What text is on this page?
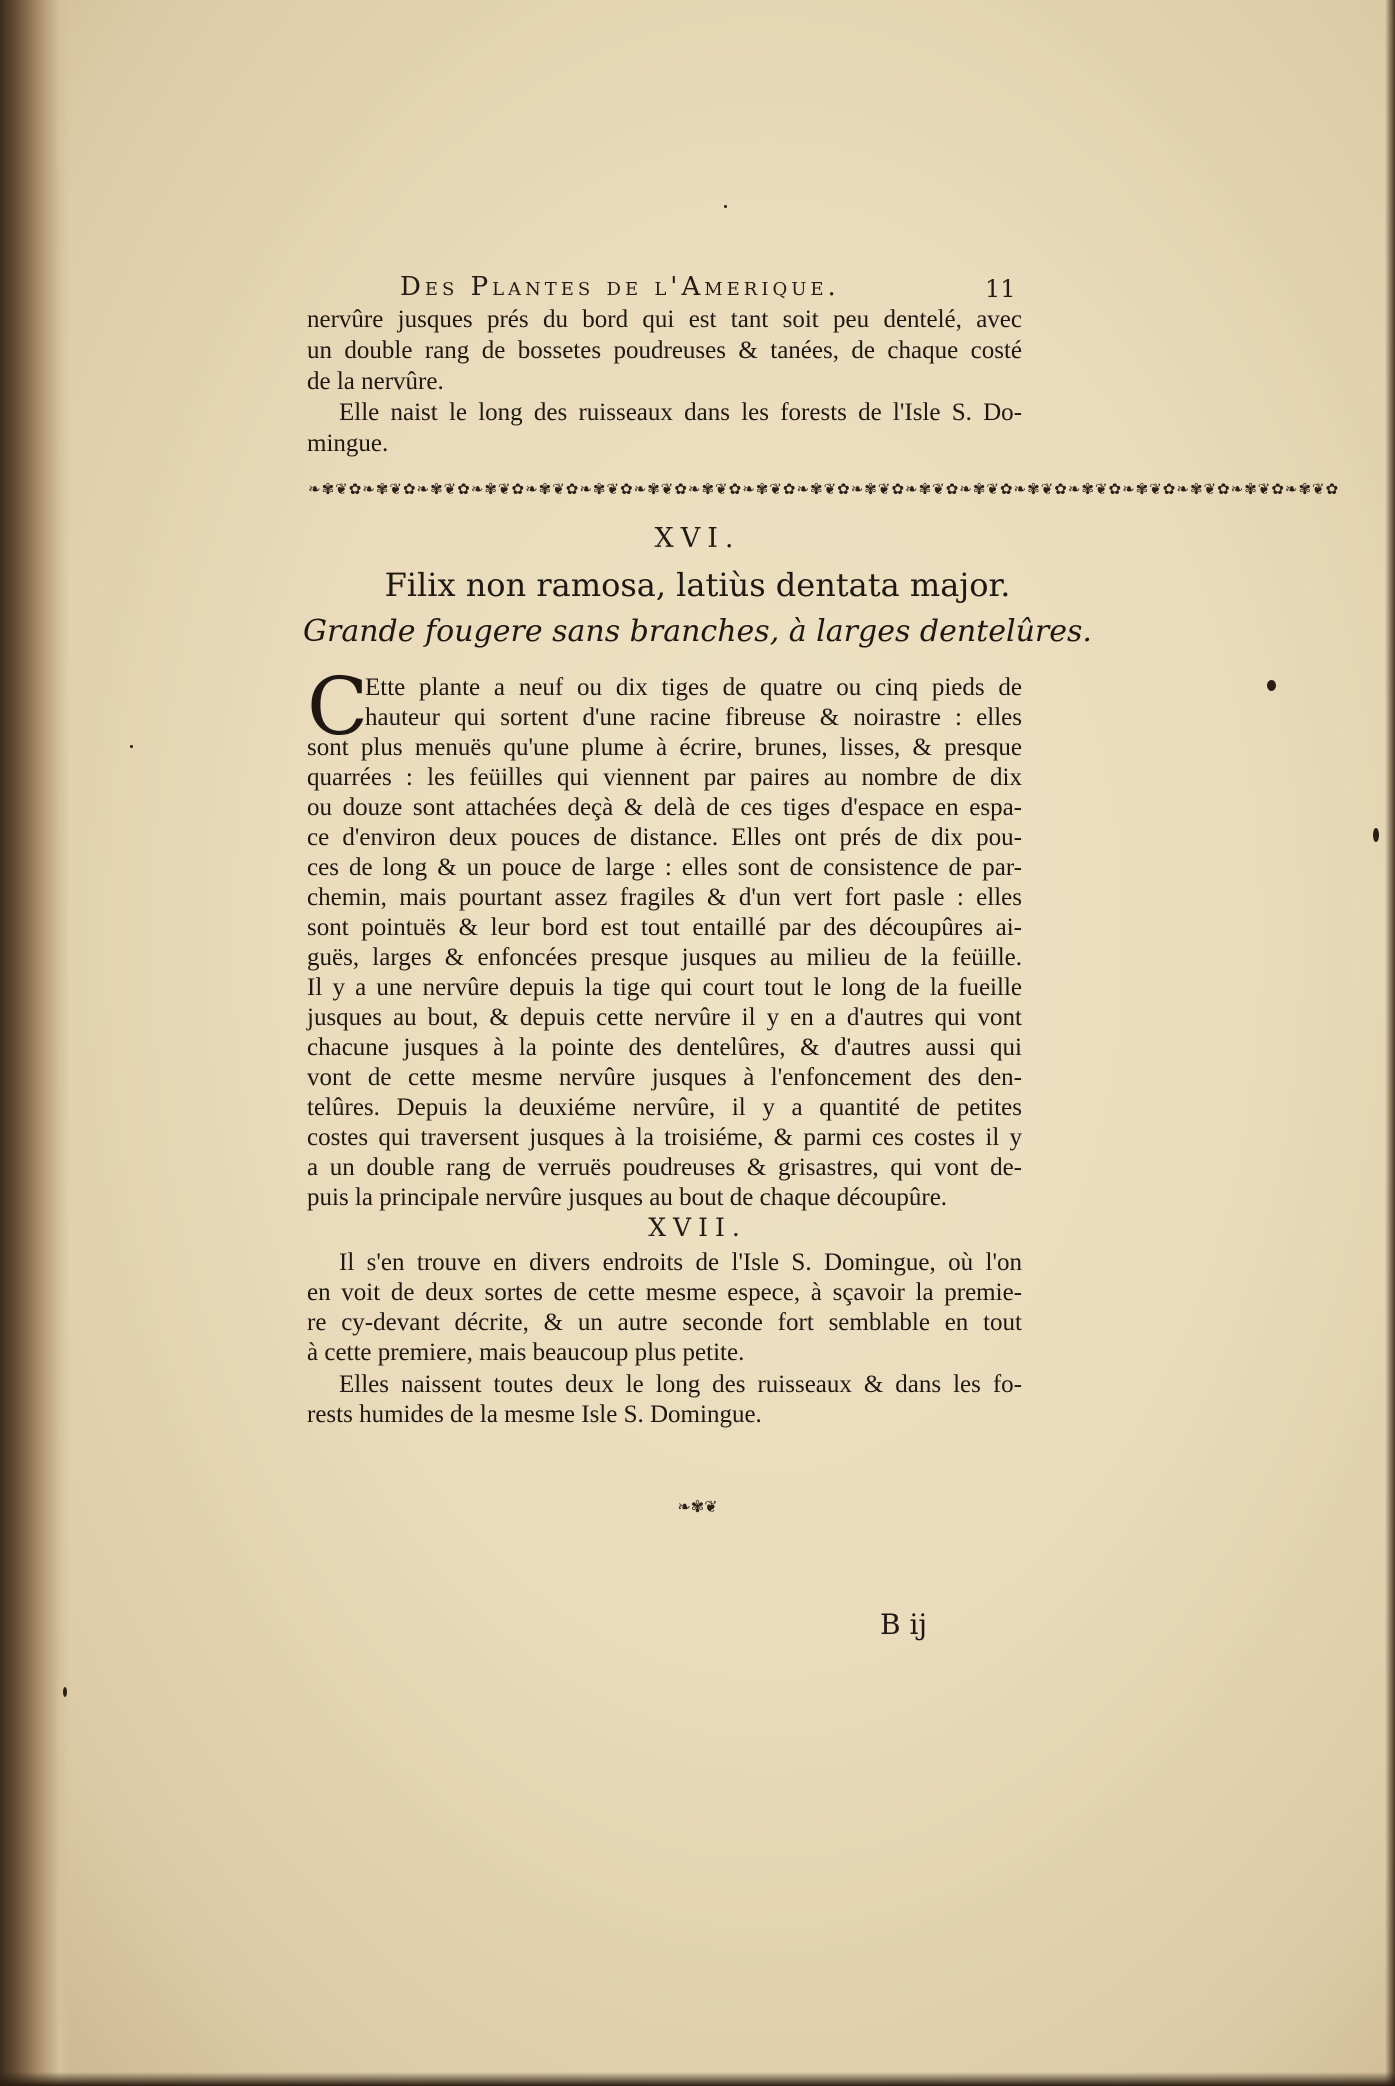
Des Plantes de l'Amerique.	11
nervûre jusques prés du bord qui est tant soit peu dentelé, avec
un double rang de bossetes poudreuses & tanées, de chaque costé
de la nervûre.
Elle naist le long des ruisseaux dans les forests de l'Isle S. Do-
mingue.
❧✾❦✿❧✾❦✿❧✾❦✿❧✾❦✿❧✾❦✿❧✾❦✿❧✾❦✿❧✾❦✿❧✾❦✿❧✾❦✿❧✾❦✿❧✾❦✿❧✾❦✿❧✾❦✿❧✾❦✿❧✾❦✿❧✾❦✿❧✾❦✿❧✾❦✿
XVI.
Filix non ramosa, latiùs dentata major.
Grande fougere sans branches, à larges dentelûres.
C
Ette plante a neuf ou dix tiges de quatre ou cinq pieds de
hauteur qui sortent d'une racine fibreuse & noirastre : elles
sont plus menuës qu'une plume à écrire, brunes, lisses, & presque
quarrées : les feüilles qui viennent par paires au nombre de dix
ou douze sont attachées deçà & delà de ces tiges d'espace en espa-
ce d'environ deux pouces de distance. Elles ont prés de dix pou-
ces de long & un pouce de large : elles sont de consistence de par-
chemin, mais pourtant assez fragiles & d'un vert fort pasle : elles
sont pointuës & leur bord est tout entaillé par des découpûres ai-
guës, larges & enfoncées presque jusques au milieu de la feüille.
Il y a une nervûre depuis la tige qui court tout le long de la fueille
jusques au bout, & depuis cette nervûre il y en a d'autres qui vont
chacune jusques à la pointe des dentelûres, & d'autres aussi qui
vont de cette mesme nervûre jusques à l'enfoncement des den-
telûres. Depuis la deuxiéme nervûre, il y a quantité de petites
costes qui traversent jusques à la troisiéme, & parmi ces costes il y
a un double rang de verruës poudreuses & grisastres, qui vont de-
puis la principale nervûre jusques au bout de chaque découpûre.
XVII.
Il s'en trouve en divers endroits de l'Isle S. Domingue, où l'on
en voit de deux sortes de cette mesme espece, à sçavoir la premie-
re cy-devant décrite, & un autre seconde fort semblable en tout
à cette premiere, mais beaucoup plus petite.
Elles naissent toutes deux le long des ruisseaux & dans les fo-
rests humides de la mesme Isle S. Domingue.
❧✾❦
B ij
